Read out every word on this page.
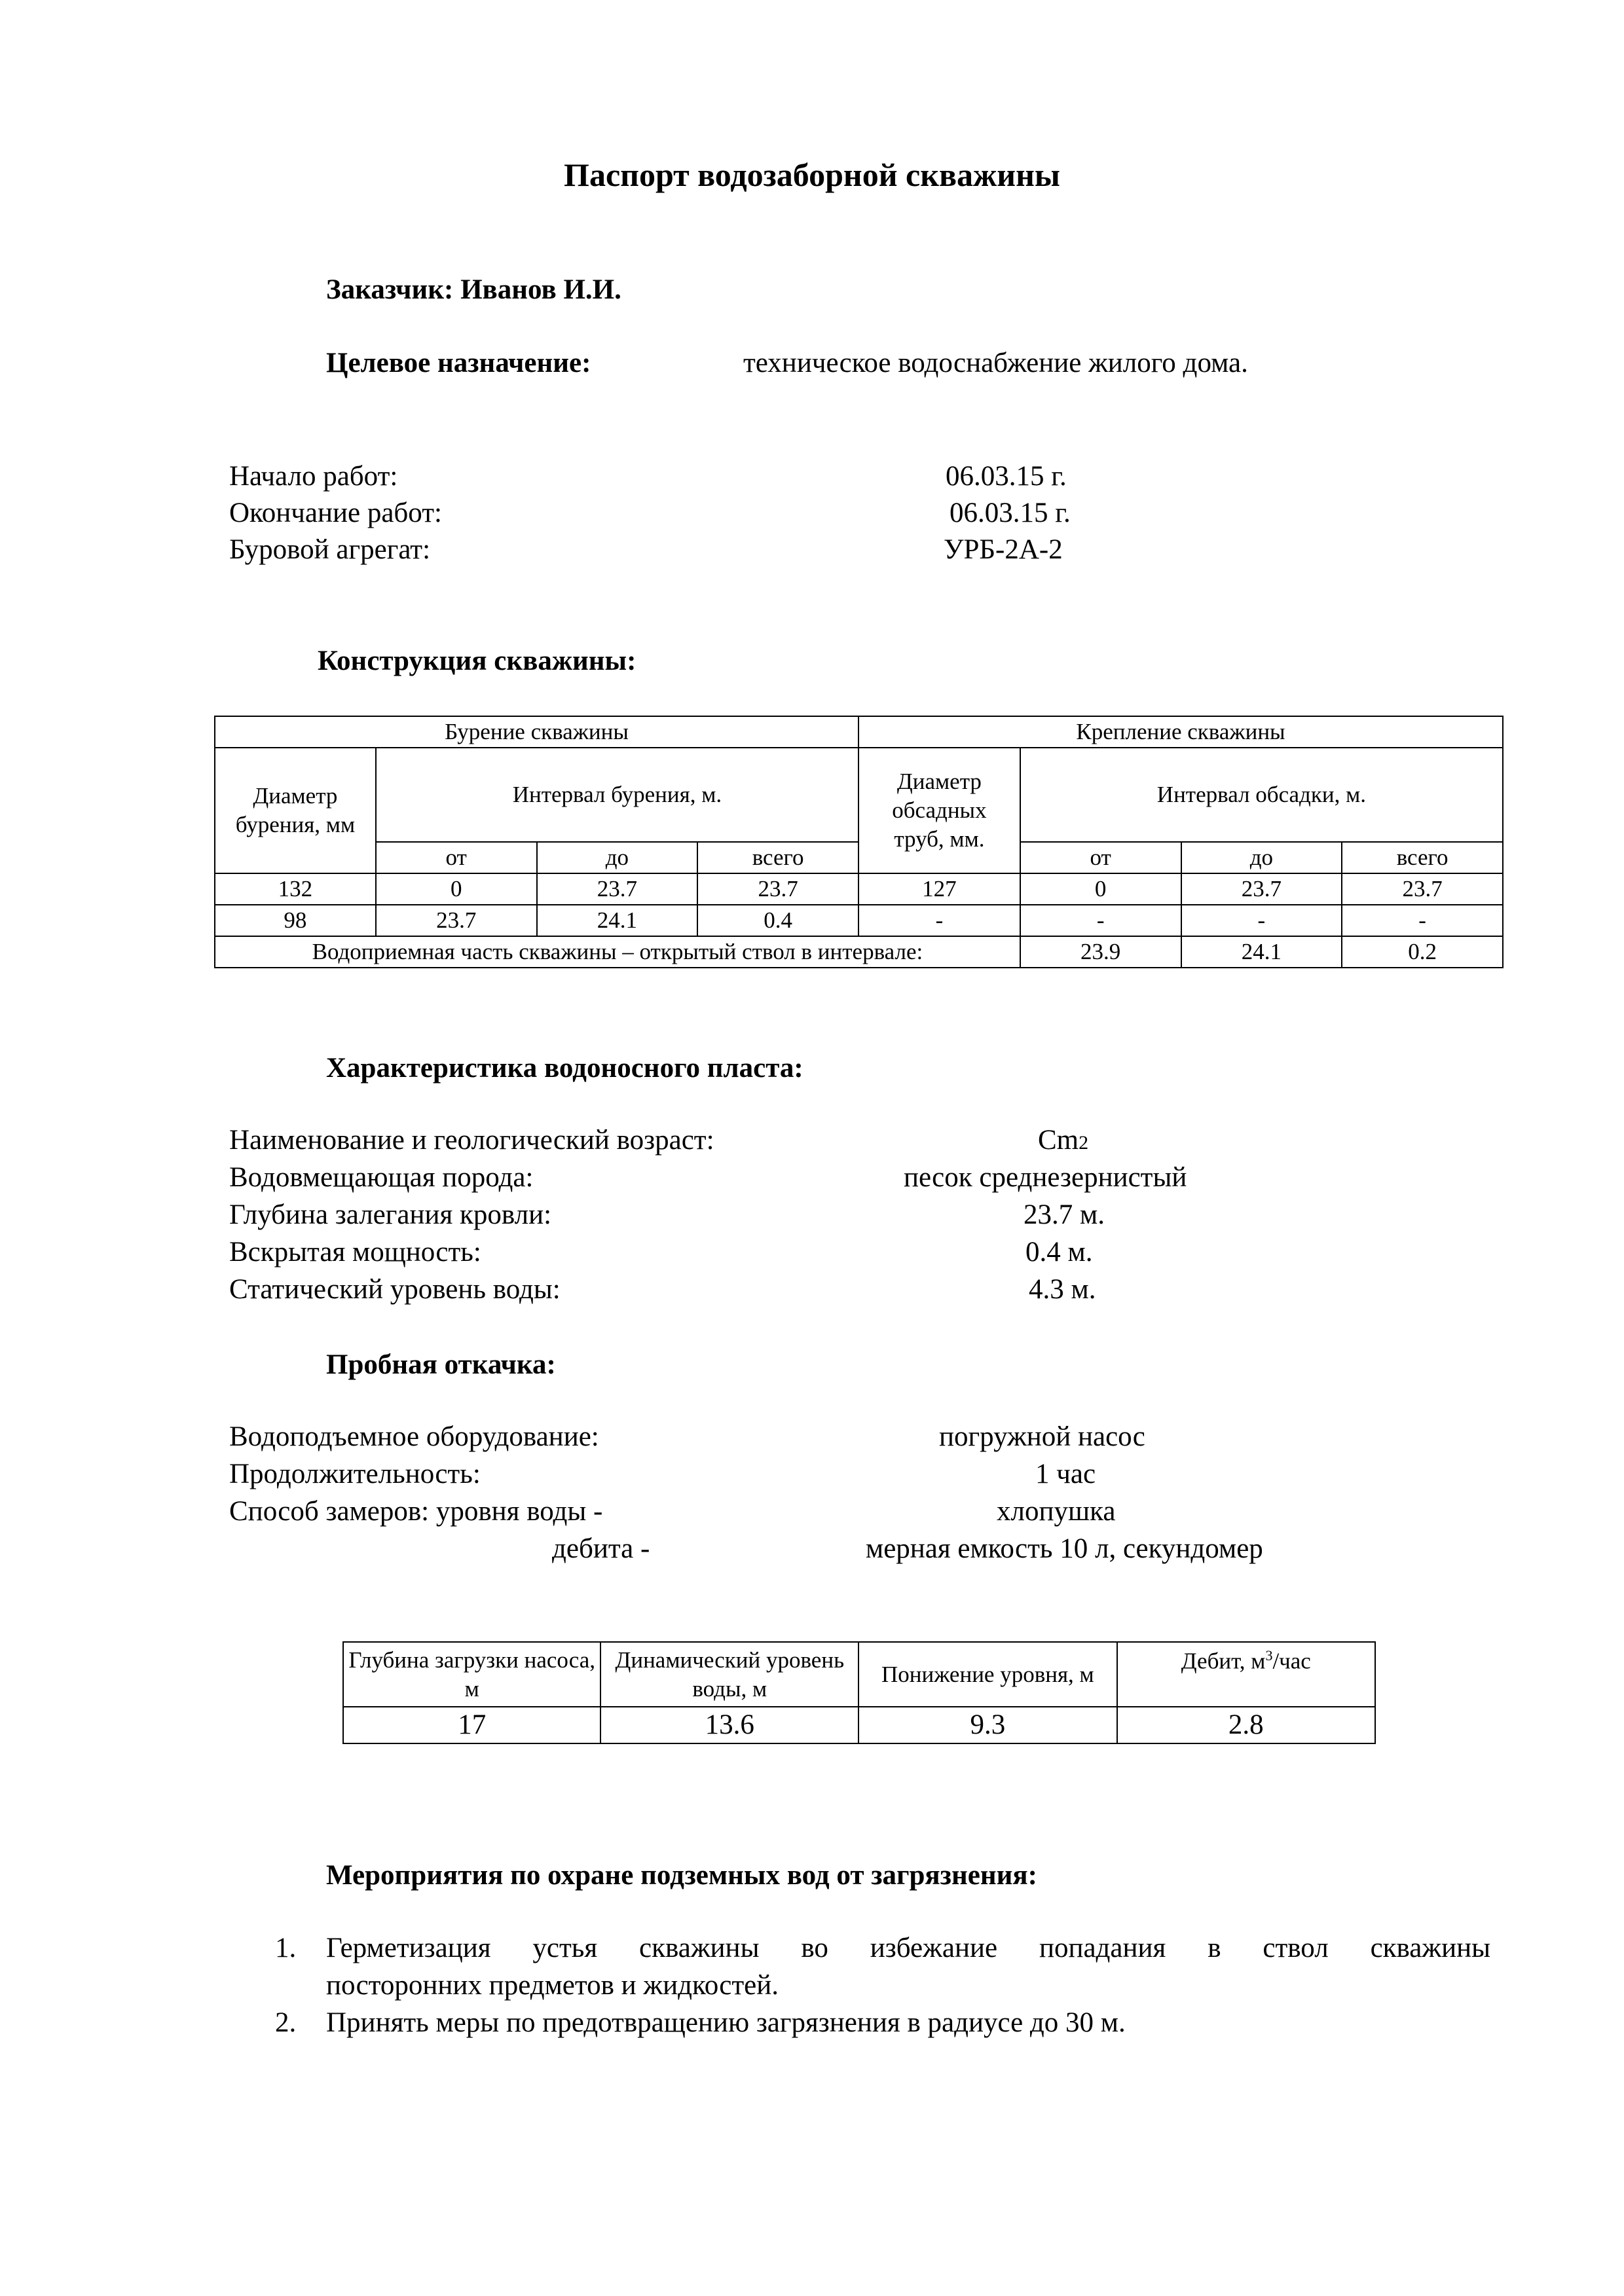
Паспорт водозаборной скважины
Заказчик: Иванов И.И.
Целевое назначение:	техническое водоснабжение жилого дома.
Начало работ:	06.03.15 г.
Окончание работ:	06.03.15 г.
Буровой агрегат:	УРБ-2А-2
Конструкция скважины:
Бурение скважины				Крепление скважины			
Диаметр бурения, мм	Интервал бурения, м.			Диаметр обсадных труб, мм.	Интервал обсадки, м.		
	от	до	всего		от	до	всего
132	0	23.7	23.7	127	0	23.7	23.7
98	23.7	24.1	0.4	-	-	-	-
Водоприемная часть скважины – открытый ствол в интервале:					23.9	24.1	0.2
Характеристика водоносного пласта:
Наименование и геологический возраст:	Cm2
Водовмещающая порода:	песок среднезернистый
Глубина залегания кровли:	23.7 м.
Вскрытая мощность:	0.4 м.
Статический уровень воды:	4.3 м.
Пробная откачка:
Водоподъемное оборудование:	погружной насос
Продолжительность:	1 час
Способ замеров: уровня воды -	хлопушка
дебита -	мерная емкость 10 л, секундомер
Глубина загрузки насоса, м	Динамический уровень воды, м	Понижение уровня, м	Дебит, $м^3$/час
17	13.6	9.3	2.8
Мероприятия по охране подземных вод от загрязнения:
1. Герметизация устья скважины во избежание попадания в ствол скважины
посторонних предметов и жидкостей.
2. Принять меры по предотвращению загрязнения в радиусе до 30 м.
